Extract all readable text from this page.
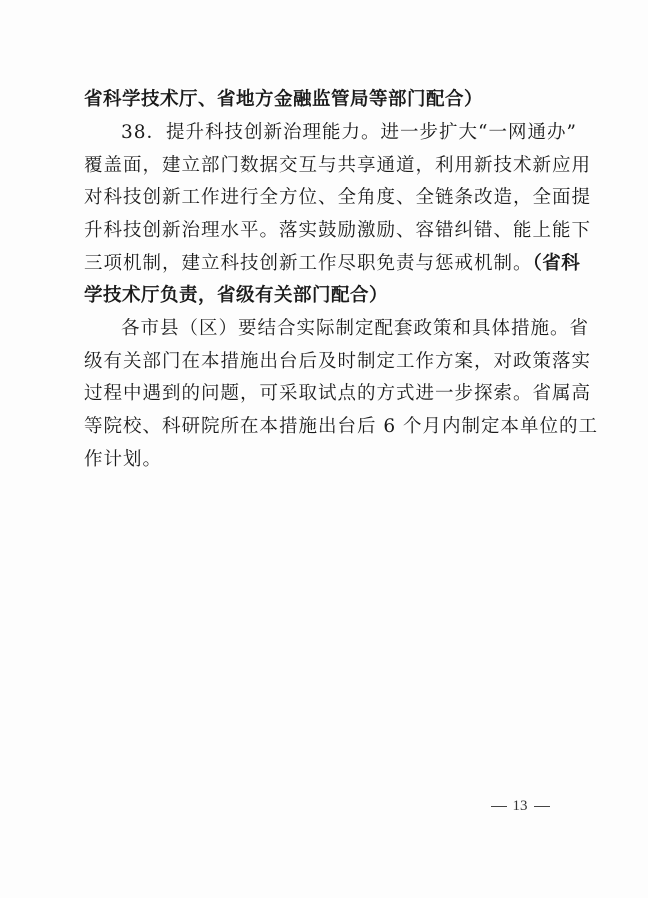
省科学技术厅、省地方金融监管局等部门配合）
38．提升科技创新治理能力。进一步扩大“一网通办”
覆盖面，建立部门数据交互与共享通道，利用新技术新应用
对科技创新工作进行全方位、全角度、全链条改造，全面提
升科技创新治理水平。落实鼓励激励、容错纠错、能上能下
三项机制，建立科技创新工作尽职免责与惩戒机制。（省科
学技术厅负责，省级有关部门配合）
各市县（区）要结合实际制定配套政策和具体措施。省
级有关部门在本措施出台后及时制定工作方案，对政策落实
过程中遇到的问题，可采取试点的方式进一步探索。省属高
等院校、科研院所在本措施出台后 6 个月内制定本单位的工
作计划。
13
